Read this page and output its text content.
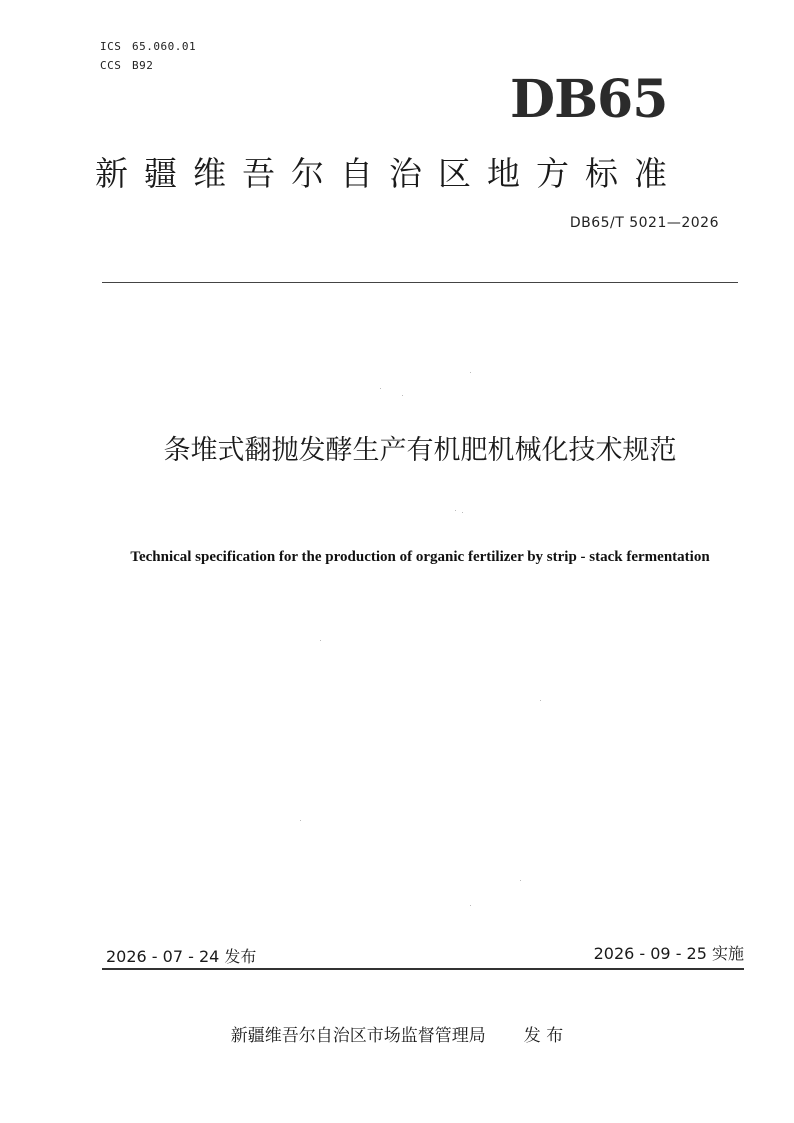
ICS 65.060.01
CCS B92
DB65
新疆维吾尔自治区地方标准
DB65/T 5021—2026
条堆式翻抛发酵生产有机肥机械化技术规范
Technical specification for the production of organic fertilizer by strip - stack fermentation
2026 - 07 - 24 发布	2026 - 09 - 25 实施
新疆维吾尔自治区市场监督管理局 发 布
